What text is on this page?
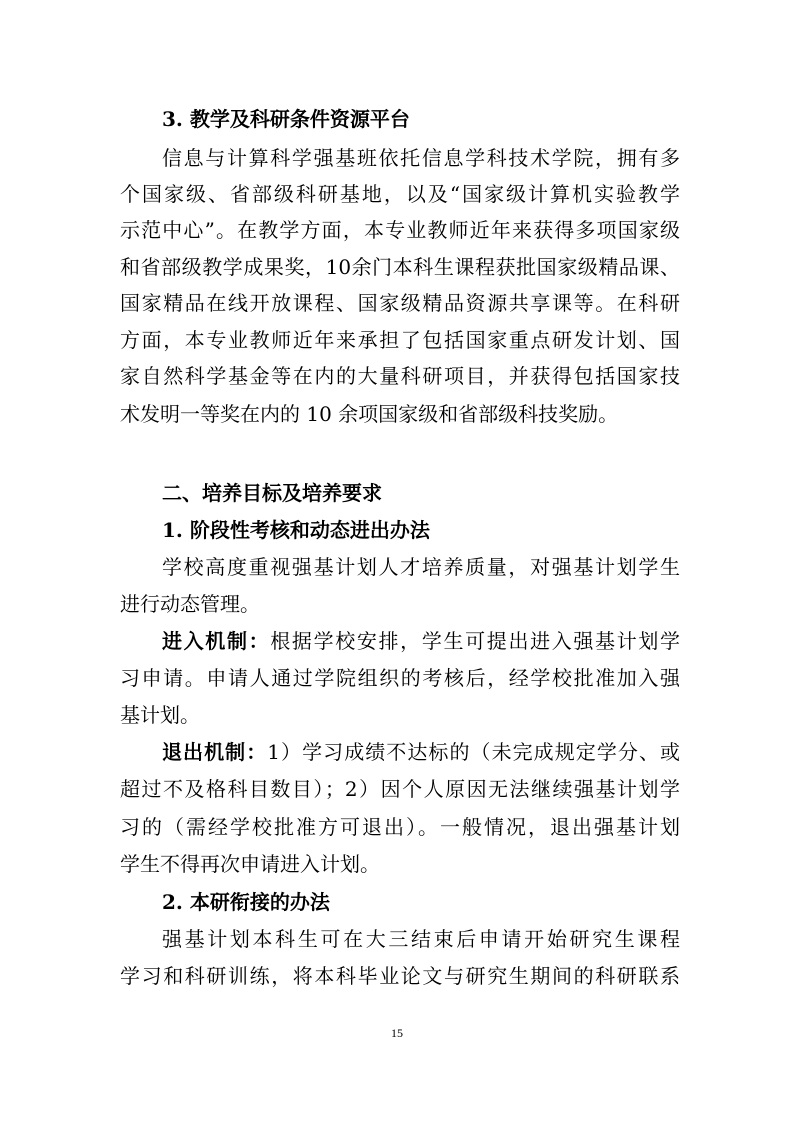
3. 教学及科研条件资源平台
信息与计算科学强基班依托信息学科技术学院，拥有多
个国家级、省部级科研基地，以及“国家级计算机实验教学
示范中心”。在教学方面，本专业教师近年来获得多项国家级
和省部级教学成果奖，10余门本科生课程获批国家级精品课、
国家精品在线开放课程、国家级精品资源共享课等。在科研
方面，本专业教师近年来承担了包括国家重点研发计划、国
家自然科学基金等在内的大量科研项目，并获得包括国家技
术发明一等奖在内的 10 余项国家级和省部级科技奖励。
二、培养目标及培养要求
1. 阶段性考核和动态进出办法
学校高度重视强基计划人才培养质量，对强基计划学生
进行动态管理。
进入机制：根据学校安排，学生可提出进入强基计划学
习申请。申请人通过学院组织的考核后，经学校批准加入强
基计划。
退出机制：1）学习成绩不达标的（未完成规定学分、或
超过不及格科目数目）；2）因个人原因无法继续强基计划学
习的（需经学校批准方可退出）。一般情况，退出强基计划
学生不得再次申请进入计划。
2. 本研衔接的办法
强基计划本科生可在大三结束后申请开始研究生课程
学习和科研训练，将本科毕业论文与研究生期间的科研联系
15
